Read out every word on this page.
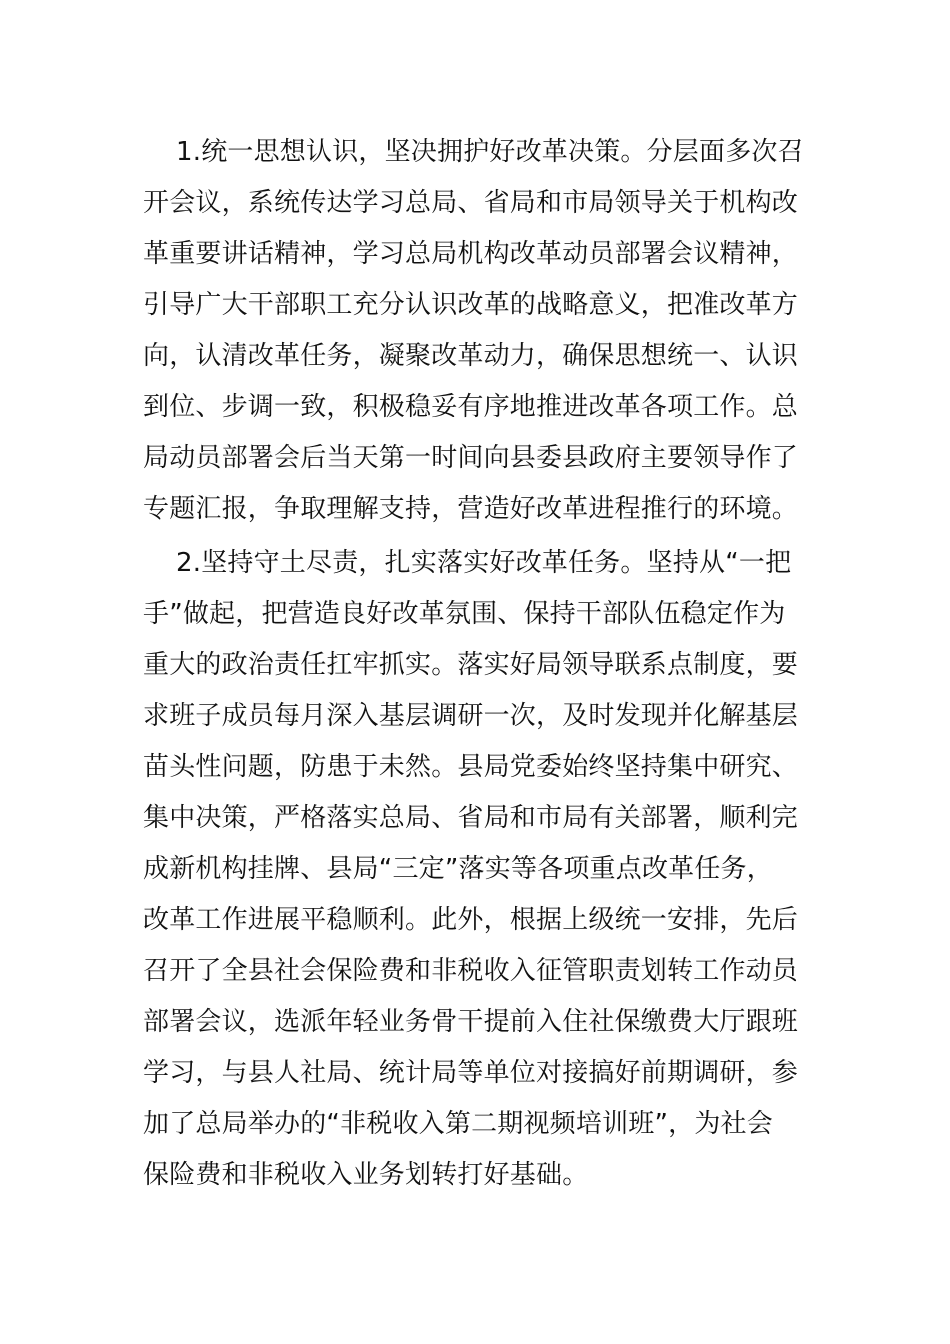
1.统一思想认识，坚决拥护好改革决策。分层面多次召
开会议，系统传达学习总局、省局和市局领导关于机构改
革重要讲话精神，学习总局机构改革动员部署会议精神，
引导广大干部职工充分认识改革的战略意义，把准改革方
向，认清改革任务，凝聚改革动力，确保思想统一、认识
到位、步调一致，积极稳妥有序地推进改革各项工作。总
局动员部署会后当天第一时间向县委县政府主要领导作了
专题汇报，争取理解支持，营造好改革进程推行的环境。
2.坚持守土尽责，扎实落实好改革任务。坚持从“一把
手”做起，把营造良好改革氛围、保持干部队伍稳定作为
重大的政治责任扛牢抓实。落实好局领导联系点制度，要
求班子成员每月深入基层调研一次，及时发现并化解基层
苗头性问题，防患于未然。县局党委始终坚持集中研究、
集中决策，严格落实总局、省局和市局有关部署，顺利完
成新机构挂牌、县局“三定”落实等各项重点改革任务，
改革工作进展平稳顺利。此外，根据上级统一安排，先后
召开了全县社会保险费和非税收入征管职责划转工作动员
部署会议，选派年轻业务骨干提前入住社保缴费大厅跟班
学习，与县人社局、统计局等单位对接搞好前期调研，参
加了总局举办的“非税收入第二期视频培训班”，为社会
保险费和非税收入业务划转打好基础。
